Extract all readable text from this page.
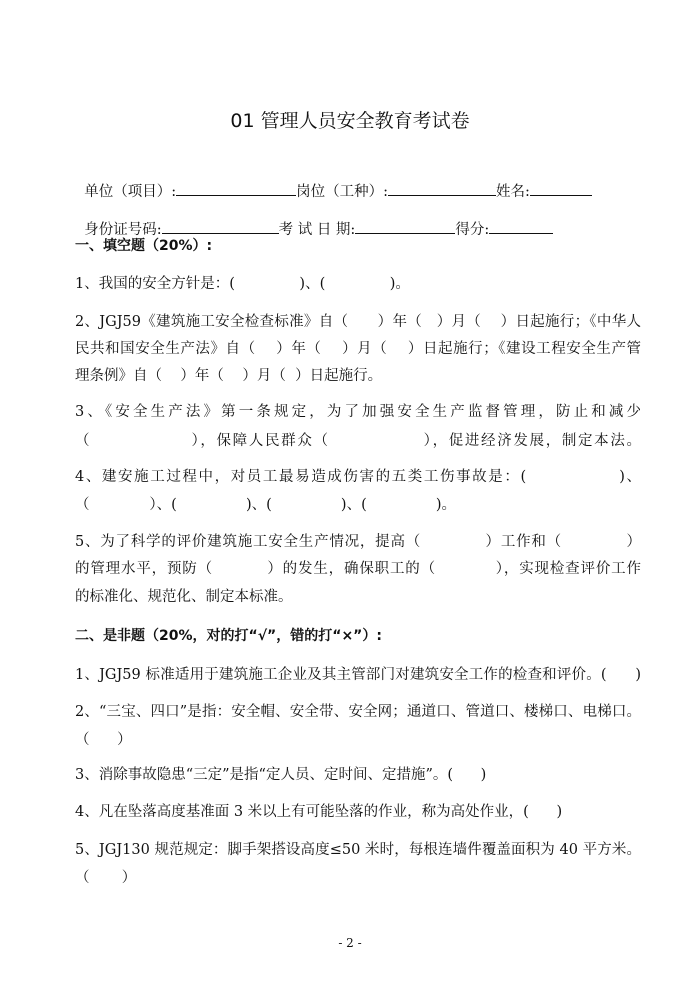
01 管理人员安全教育考试卷

单位（项目）:	岗位（工种）:	姓名:

身份证号码:	考 试 日 期:	得分:

一、填空题（20%）:
1、我国的安全方针是：(              )、(              )。
2、JGJ59《建筑施工安全检查标准》自（      ）年（   ）月（    ）日起施行；《中华人
民共和国安全生产法》自（    ）年（    ）月（    ）日起施行；《建设工程安全生产管
理条例》自（    ）年（    ）月（  ）日起施行。
3、《安全生产法》第一条规定，为了加强安全生产监督管理，防止和减少
（                ），保障人民群众（               ），促进经济发展，制定本法。
4、建安施工过程中，对员工最易造成伤害的五类工伤事故是：(               )、
（             ）、(               )、(               )、(               )。
5、为了科学的评价建筑施工安全生产情况，提高（            ）工作和（            ）
的管理水平，预防（          ）的发生，确保职工的（           ），实现检查评价工作
的标准化、规范化、制定本标准。
二、是非题（20%，对的打“√”，错的打“×”）:
1、JGJ59 标准适用于建筑施工企业及其主管部门对建筑安全工作的检查和评价。(      )
2、“三宝、四口”是指：安全帽、安全带、安全网；通道口、管道口、楼梯口、电梯口。
（      ）
3、消除事故隐患“三定”是指“定人员、定时间、定措施”。(      )
4、凡在坠落高度基准面 3 米以上有可能坠落的作业，称为高处作业，(      )
5、JGJ130 规范规定：脚手架搭设高度≤50 米时，每根连墙件覆盖面积为 40 平方米。
（       ）
- 2 -
